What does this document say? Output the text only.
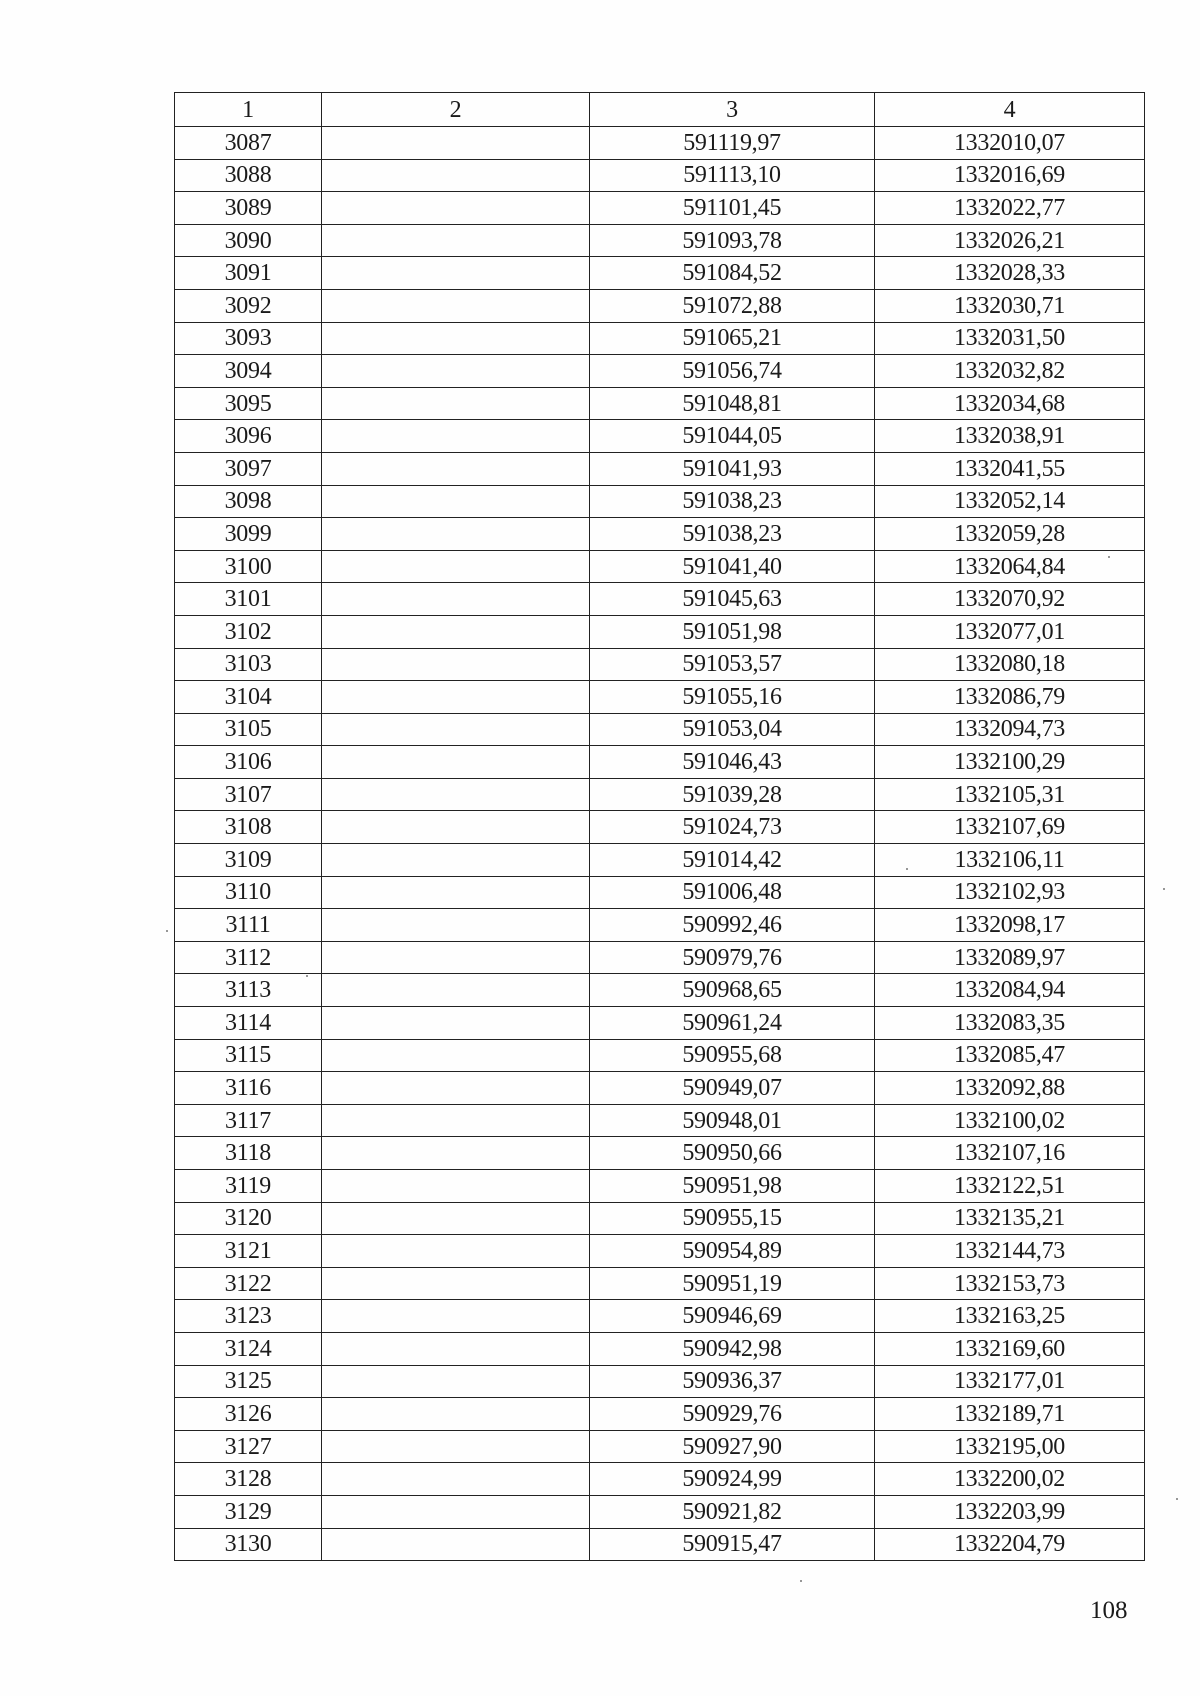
1	2	3	4
3087		591119,97	1332010,07
3088		591113,10	1332016,69
3089		591101,45	1332022,77
3090		591093,78	1332026,21
3091		591084,52	1332028,33
3092		591072,88	1332030,71
3093		591065,21	1332031,50
3094		591056,74	1332032,82
3095		591048,81	1332034,68
3096		591044,05	1332038,91
3097		591041,93	1332041,55
3098		591038,23	1332052,14
3099		591038,23	1332059,28
3100		591041,40	1332064,84
3101		591045,63	1332070,92
3102		591051,98	1332077,01
3103		591053,57	1332080,18
3104		591055,16	1332086,79
3105		591053,04	1332094,73
3106		591046,43	1332100,29
3107		591039,28	1332105,31
3108		591024,73	1332107,69
3109		591014,42	1332106,11
3110		591006,48	1332102,93
3111		590992,46	1332098,17
3112		590979,76	1332089,97
3113		590968,65	1332084,94
3114		590961,24	1332083,35
3115		590955,68	1332085,47
3116		590949,07	1332092,88
3117		590948,01	1332100,02
3118		590950,66	1332107,16
3119		590951,98	1332122,51
3120		590955,15	1332135,21
3121		590954,89	1332144,73
3122		590951,19	1332153,73
3123		590946,69	1332163,25
3124		590942,98	1332169,60
3125		590936,37	1332177,01
3126		590929,76	1332189,71
3127		590927,90	1332195,00
3128		590924,99	1332200,02
3129		590921,82	1332203,99
3130		590915,47	1332204,79
108
